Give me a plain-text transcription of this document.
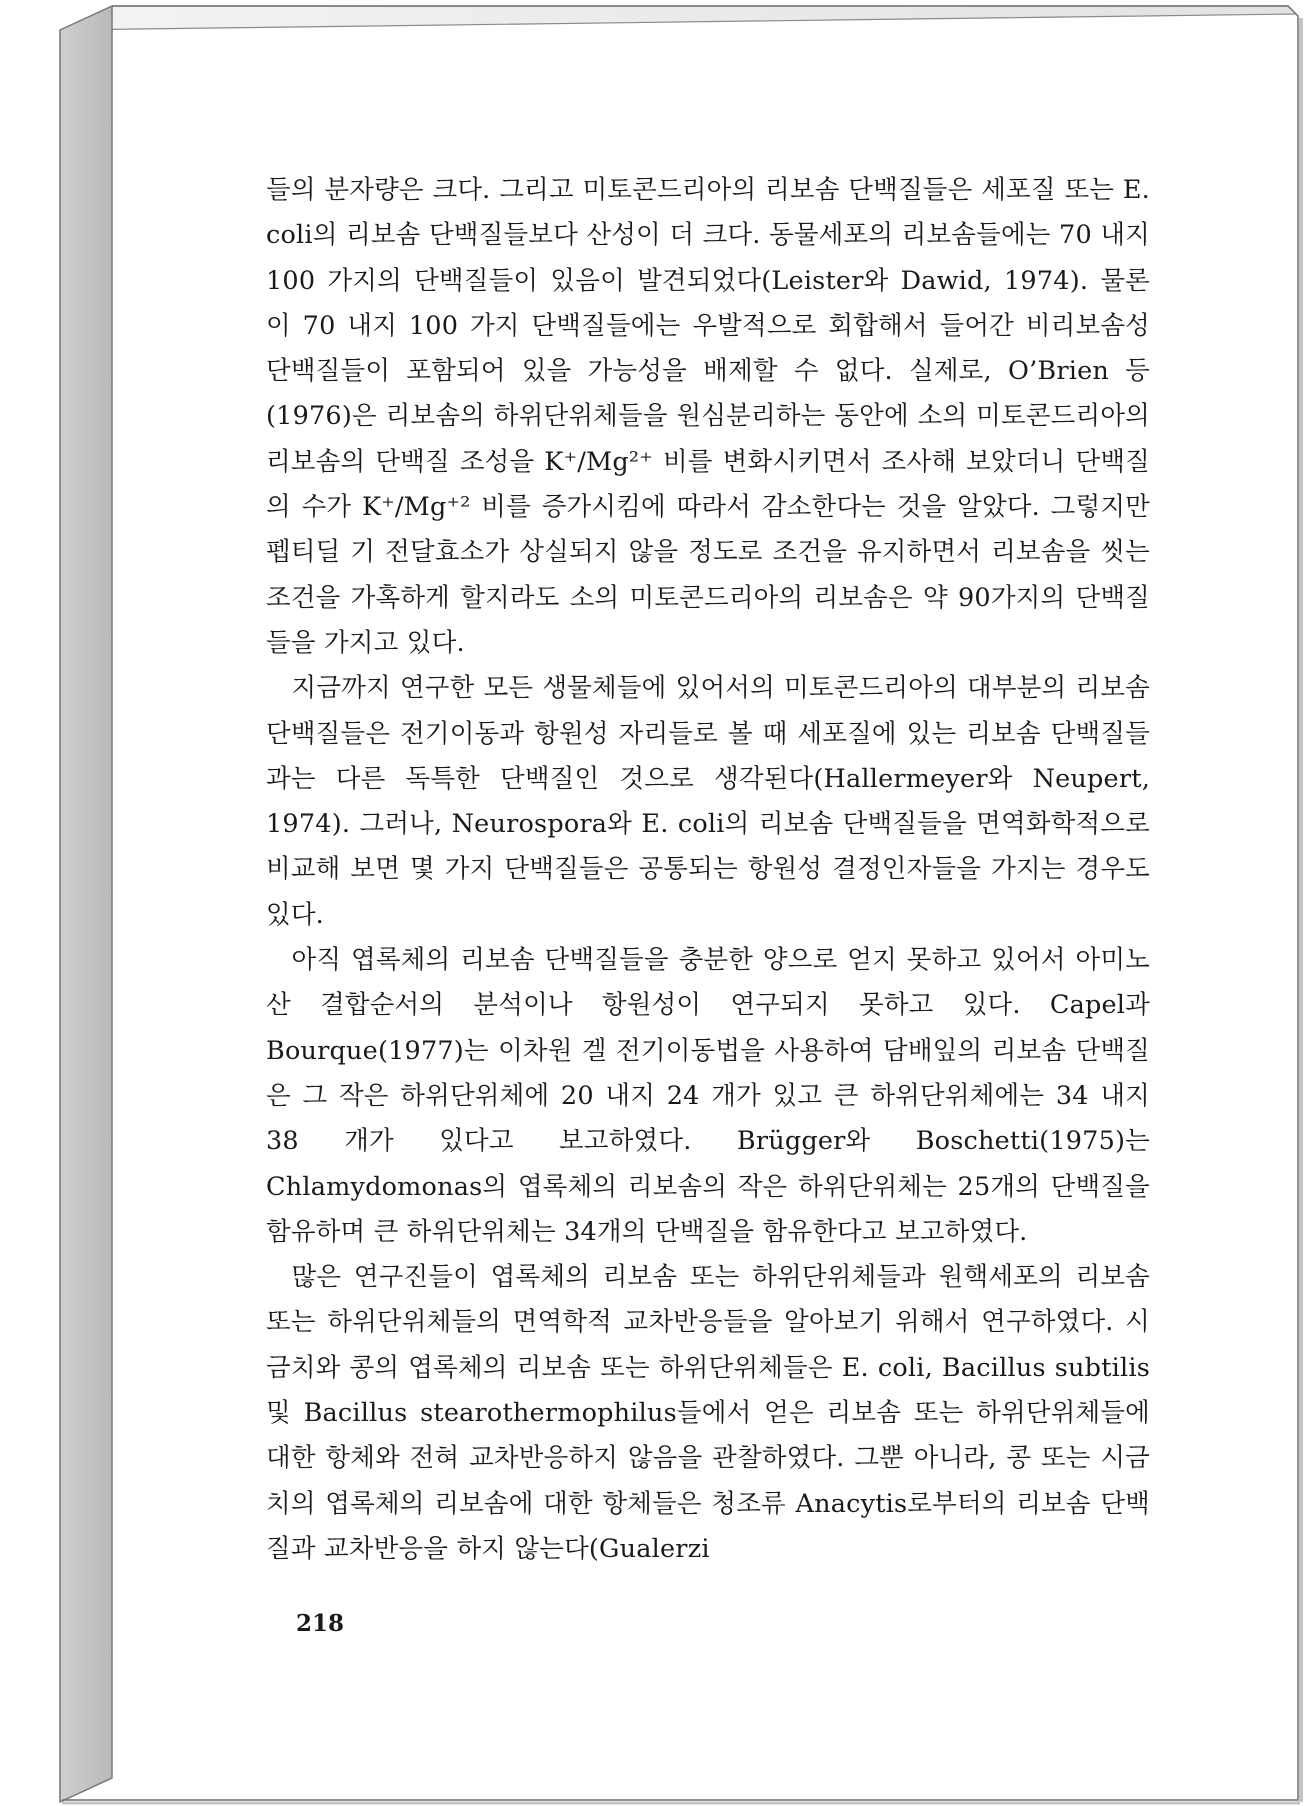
들의 분자량은 크다. 그리고 미토콘드리아의 리보솜 단백질들은 세포질 또는 E. coli의 리보솜 단백질들보다 산성이 더 크다. 동물세포의 리보솜들에는 70 내지 100 가지의 단백질들이 있음이 발견되었다(Leister와 Dawid, 1974). 물론 이 70 내지 100 가지 단백질들에는 우발적으로 회합해서 들어간 비리보솜성 단백질들이 포함되어 있을 가능성을 배제할 수 없다. 실제로, O’Brien 등(1976)은 리보솜의 하위단위체들을 원심분리하는 동안에 소의 미토콘드리아의 리보솜의 단백질 조성을 K⁺/Mg²⁺ 비를 변화시키면서 조사해 보았더니 단백질의 수가 K⁺/Mg⁺² 비를 증가시킴에 따라서 감소한다는 것을 알았다. 그렇지만 펩티딜 기 전달효소가 상실되지 않을 정도로 조건을 유지하면서 리보솜을 씻는 조건을 가혹하게 할지라도 소의 미토콘드리아의 리보솜은 약 90가지의 단백질들을 가지고 있다.

지금까지 연구한 모든 생물체들에 있어서의 미토콘드리아의 대부분의 리보솜 단백질들은 전기이동과 항원성 자리들로 볼 때 세포질에 있는 리보솜 단백질들과는 다른 독특한 단백질인 것으로 생각된다(Hallermeyer와 Neupert, 1974). 그러나, Neurospora와 E. coli의 리보솜 단백질들을 면역화학적으로 비교해 보면 몇 가지 단백질들은 공통되는 항원성 결정인자들을 가지는 경우도 있다.

아직 엽록체의 리보솜 단백질들을 충분한 양으로 얻지 못하고 있어서 아미노산 결합순서의 분석이나 항원성이 연구되지 못하고 있다. Capel과 Bourque(1977)는 이차원 겔 전기이동법을 사용하여 담배잎의 리보솜 단백질은 그 작은 하위단위체에 20 내지 24 개가 있고 큰 하위단위체에는 34 내지 38 개가 있다고 보고하였다. Brügger와 Boschetti(1975)는 Chlamydomonas의 엽록체의 리보솜의 작은 하위단위체는 25개의 단백질을 함유하며 큰 하위단위체는 34개의 단백질을 함유한다고 보고하였다.

많은 연구진들이 엽록체의 리보솜 또는 하위단위체들과 원핵세포의 리보솜 또는 하위단위체들의 면역학적 교차반응들을 알아보기 위해서 연구하였다. 시금치와 콩의 엽록체의 리보솜 또는 하위단위체들은 E. coli, Bacillus subtilis 및 Bacillus stearothermophilus들에서 얻은 리보솜 또는 하위단위체들에 대한 항체와 전혀 교차반응하지 않음을 관찰하였다. 그뿐 아니라, 콩 또는 시금치의 엽록체의 리보솜에 대한 항체들은 청조류 Anacytis로부터의 리보솜 단백질과 교차반응을 하지 않는다(Gualerzi

218
